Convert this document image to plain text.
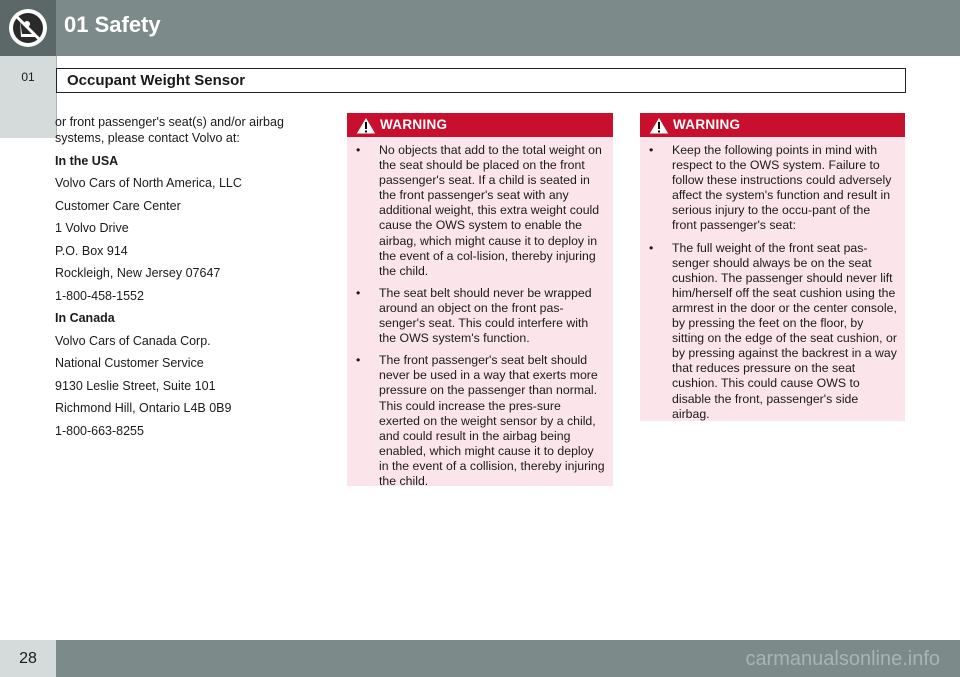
01 Safety
01	Occupant Weight Sensor

or front passenger's seat(s) and/or airbag systems, please contact Volvo at:

In the USA

Volvo Cars of North America, LLC

Customer Care Center

1 Volvo Drive

P.O. Box 914

Rockleigh, New Jersey 07647

1-800-458-1552

In Canada

Volvo Cars of Canada Corp.

National Customer Service

9130 Leslie Street, Suite 101

Richmond Hill, Ontario L4B 0B9

1-800-663-8255

WARNING
• No objects that add to the total weight on the seat should be placed on the front passenger's seat. If a child is seated in the front passenger's seat with any additional weight, this extra weight could cause the OWS system to enable the airbag, which might cause it to deploy in the event of a col-lision, thereby injuring the child.
• The seat belt should never be wrapped around an object on the front pas-senger's seat. This could interfere with the OWS system's function.
• The front passenger's seat belt should never be used in a way that exerts more pressure on the passenger than normal. This could increase the pres-sure exerted on the weight sensor by a child, and could result in the airbag being enabled, which might cause it to deploy in the event of a collision, thereby injuring the child.
WARNING
• Keep the following points in mind with respect to the OWS system. Failure to follow these instructions could adversely affect the system's function and result in serious injury to the occu-pant of the front passenger's seat:
• The full weight of the front seat pas-senger should always be on the seat cushion. The passenger should never lift him/herself off the seat cushion using the armrest in the door or the center console, by pressing the feet on the floor, by sitting on the edge of the seat cushion, or by pressing against the backrest in a way that reduces pressure on the seat cushion. This could cause OWS to disable the front, passenger's side airbag.
28	carmanualsonline.info
